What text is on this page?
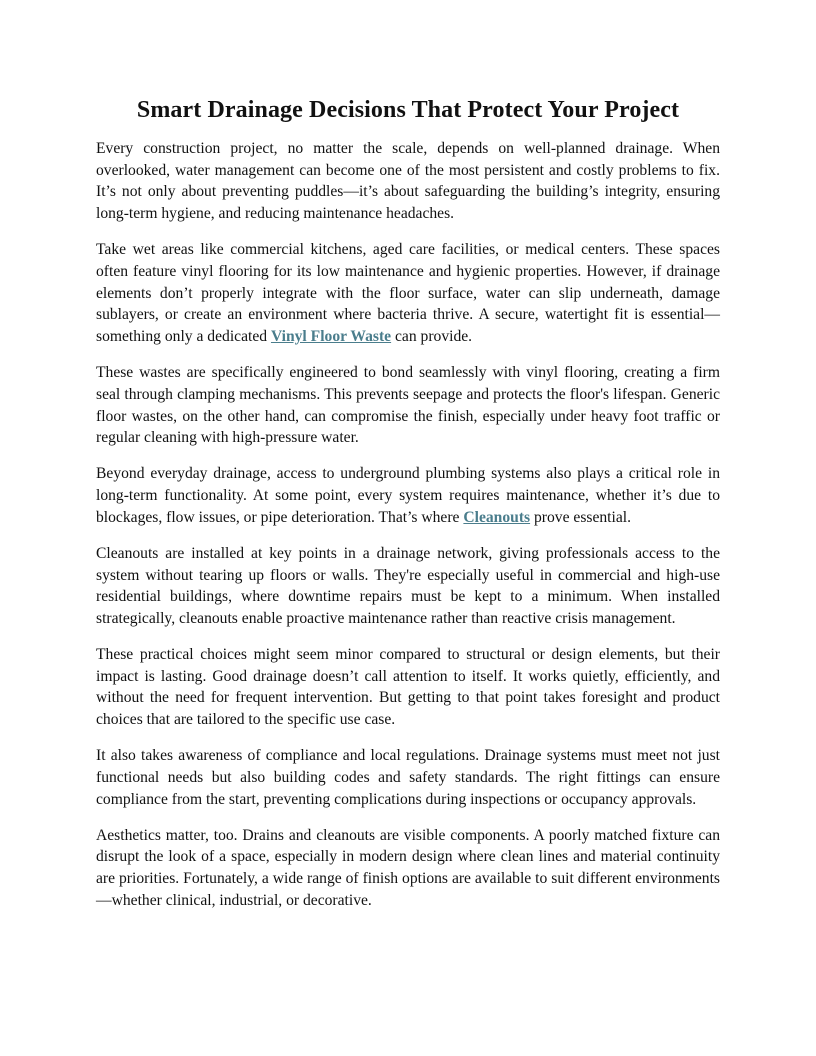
Smart Drainage Decisions That Protect Your Project

Every construction project, no matter the scale, depends on well-planned drainage. When overlooked, water management can become one of the most persistent and costly problems to fix. It’s not only about preventing puddles—it’s about safeguarding the building’s integrity, ensuring long-term hygiene, and reducing maintenance headaches.

Take wet areas like commercial kitchens, aged care facilities, or medical centers. These spaces often feature vinyl flooring for its low maintenance and hygienic properties. However, if drainage elements don’t properly integrate with the floor surface, water can slip underneath, damage sublayers, or create an environment where bacteria thrive. A secure, watertight fit is essential—something only a dedicated Vinyl Floor Waste can provide.

These wastes are specifically engineered to bond seamlessly with vinyl flooring, creating a firm seal through clamping mechanisms. This prevents seepage and protects the floor's lifespan. Generic floor wastes, on the other hand, can compromise the finish, especially under heavy foot traffic or regular cleaning with high-pressure water.

Beyond everyday drainage, access to underground plumbing systems also plays a critical role in long-term functionality. At some point, every system requires maintenance, whether it’s due to blockages, flow issues, or pipe deterioration. That’s where Cleanouts prove essential.

Cleanouts are installed at key points in a drainage network, giving professionals access to the system without tearing up floors or walls. They're especially useful in commercial and high-use residential buildings, where downtime repairs must be kept to a minimum. When installed strategically, cleanouts enable proactive maintenance rather than reactive crisis management.

These practical choices might seem minor compared to structural or design elements, but their impact is lasting. Good drainage doesn’t call attention to itself. It works quietly, efficiently, and without the need for frequent intervention. But getting to that point takes foresight and product choices that are tailored to the specific use case.

It also takes awareness of compliance and local regulations. Drainage systems must meet not just functional needs but also building codes and safety standards. The right fittings can ensure compliance from the start, preventing complications during inspections or occupancy approvals.

Aesthetics matter, too. Drains and cleanouts are visible components. A poorly matched fixture can disrupt the look of a space, especially in modern design where clean lines and material continuity are priorities. Fortunately, a wide range of finish options are available to suit different environments—whether clinical, industrial, or decorative.
